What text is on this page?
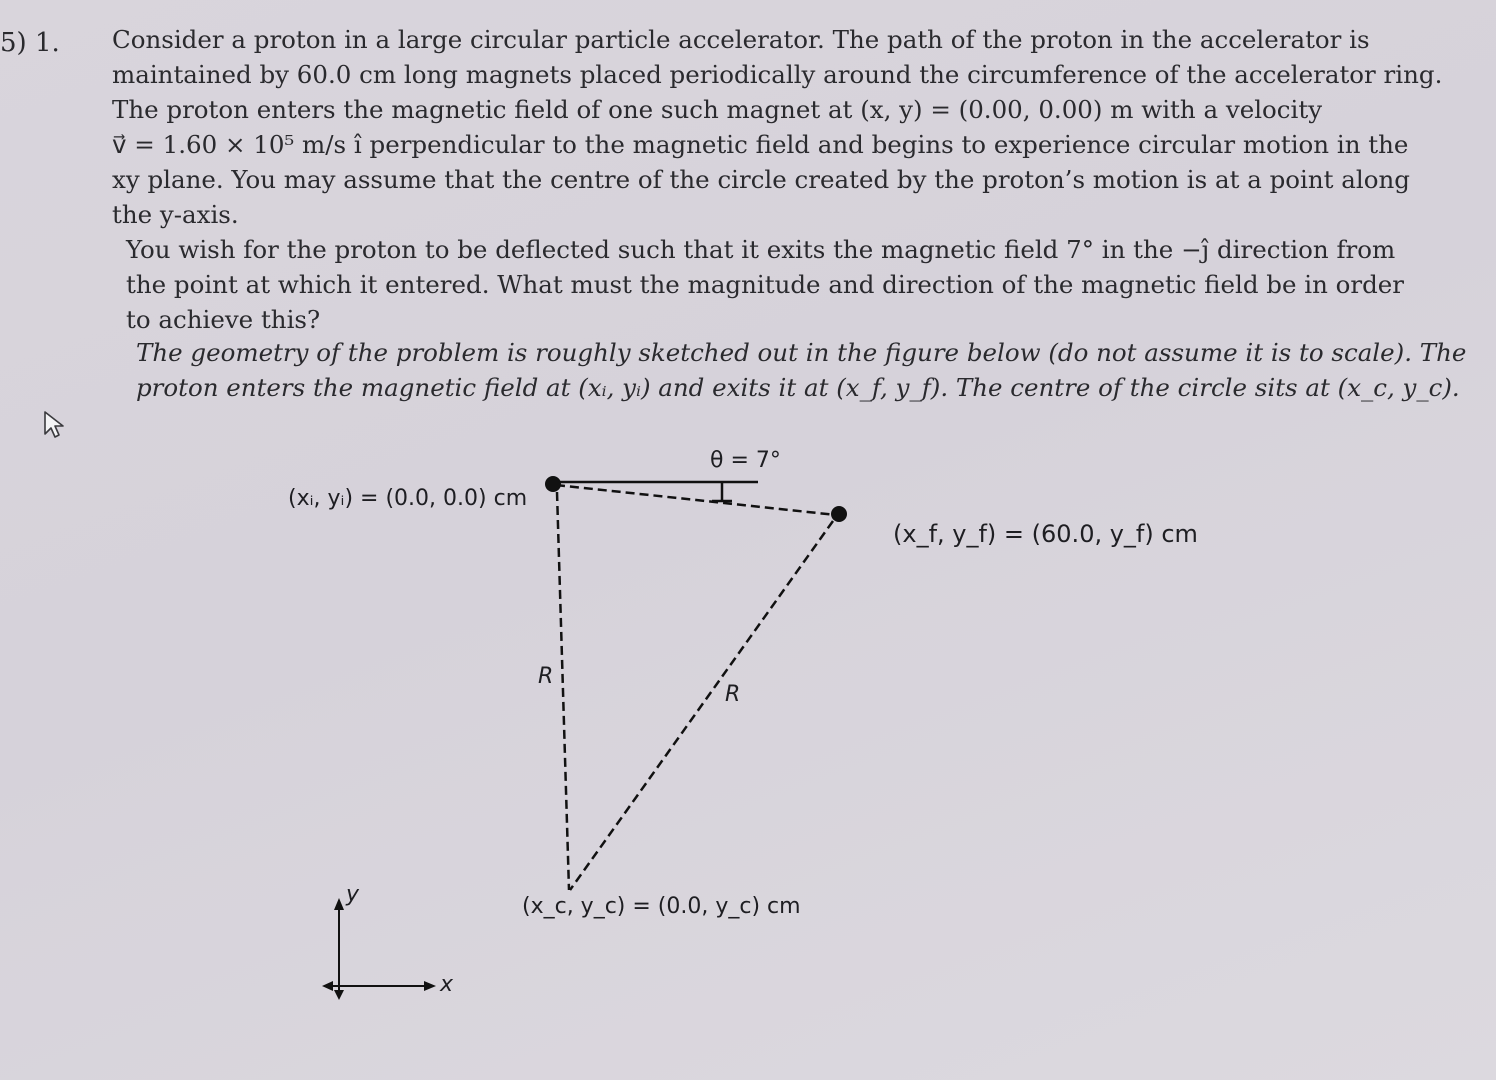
5) 1. Consider a proton in a large circular particle accelerator. The path of the proton in the accelerator is
maintained by 60.0 cm long magnets placed periodically around the circumference of the accelerator ring.
The proton enters the magnetic field of one such magnet at (x, y) = (0.00, 0.00) m with a velocity
v⃗ = 1.60 × 10⁵ m/s î perpendicular to the magnetic field and begins to experience circular motion in the
xy plane. You may assume that the centre of the circle created by the proton’s motion is at a point along
the y-axis.

You wish for the proton to be deflected such that it exits the magnetic field 7° in the −ĵ direction from
the point at which it entered. What must the magnitude and direction of the magnetic field be in order
to achieve this?

The geometry of the problem is roughly sketched out in the figure below (do not assume it is to scale). The
proton enters the magnetic field at (xᵢ, yᵢ) and exits it at (x_f, y_f). The centre of the circle sits at (x_c, y_c).

θ = 7°
(xᵢ, yᵢ) = (0.0, 0.0) cm
(x_f, y_f) = (60.0, y_f) cm
R
R
(x_c, y_c) = (0.0, y_c) cm
y
x
